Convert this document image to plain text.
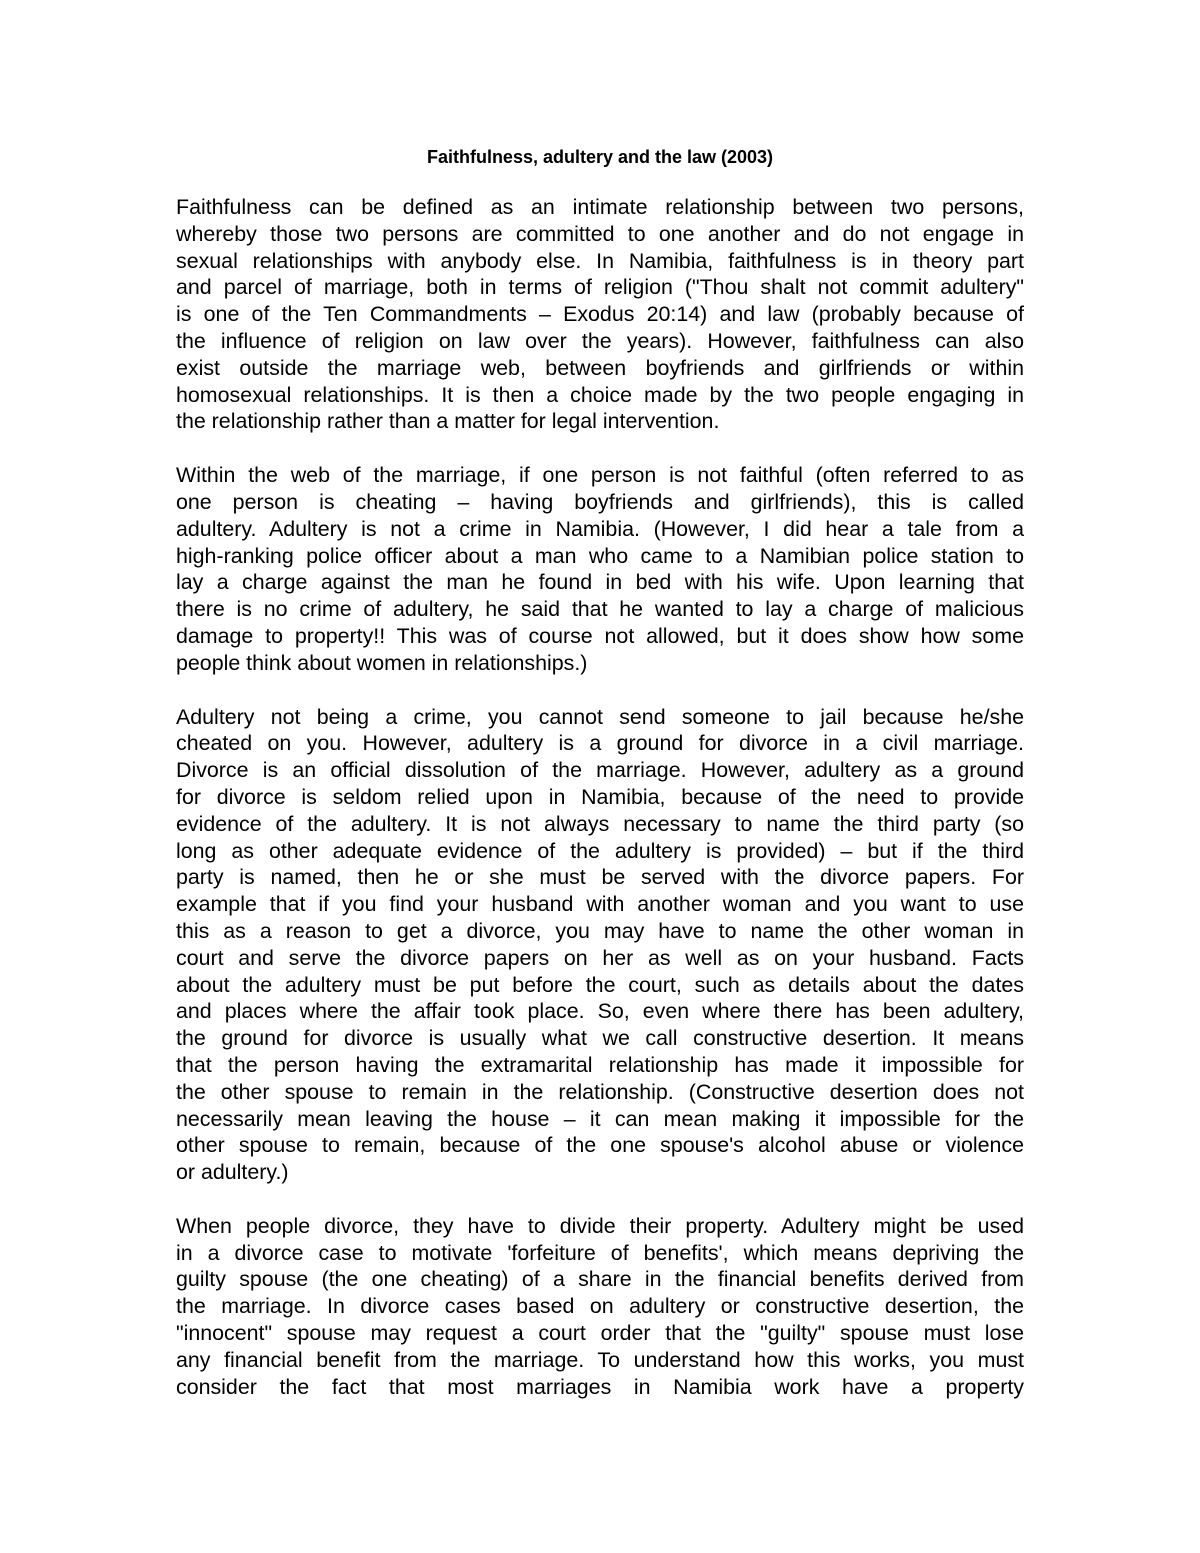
Faithfulness, adultery and the law (2003)

Faithfulness can be defined as an intimate relationship between two persons,
whereby those two persons are committed to one another and do not engage in
sexual relationships with anybody else. In Namibia, faithfulness is in theory part
and parcel of marriage, both in terms of religion ("Thou shalt not commit adultery"
is one of the Ten Commandments – Exodus 20:14) and law (probably because of
the influence of religion on law over the years). However, faithfulness can also
exist outside the marriage web, between boyfriends and girlfriends or within
homosexual relationships. It is then a choice made by the two people engaging in
the relationship rather than a matter for legal intervention.

Within the web of the marriage, if one person is not faithful (often referred to as
one person is cheating – having boyfriends and girlfriends), this is called
adultery. Adultery is not a crime in Namibia. (However, I did hear a tale from a
high-ranking police officer about a man who came to a Namibian police station to
lay a charge against the man he found in bed with his wife. Upon learning that
there is no crime of adultery, he said that he wanted to lay a charge of malicious
damage to property!! This was of course not allowed, but it does show how some
people think about women in relationships.)

Adultery not being a crime, you cannot send someone to jail because he/she
cheated on you. However, adultery is a ground for divorce in a civil marriage.
Divorce is an official dissolution of the marriage. However, adultery as a ground
for divorce is seldom relied upon in Namibia, because of the need to provide
evidence of the adultery. It is not always necessary to name the third party (so
long as other adequate evidence of the adultery is provided) – but if the third
party is named, then he or she must be served with the divorce papers. For
example that if you find your husband with another woman and you want to use
this as a reason to get a divorce, you may have to name the other woman in
court and serve the divorce papers on her as well as on your husband. Facts
about the adultery must be put before the court, such as details about the dates
and places where the affair took place. So, even where there has been adultery,
the ground for divorce is usually what we call constructive desertion. It means
that the person having the extramarital relationship has made it impossible for
the other spouse to remain in the relationship. (Constructive desertion does not
necessarily mean leaving the house – it can mean making it impossible for the
other spouse to remain, because of the one spouse's alcohol abuse or violence
or adultery.)

When people divorce, they have to divide their property. Adultery might be used
in a divorce case to motivate 'forfeiture of benefits', which means depriving the
guilty spouse (the one cheating) of a share in the financial benefits derived from
the marriage. In divorce cases based on adultery or constructive desertion, the
"innocent" spouse may request a court order that the "guilty" spouse must lose
any financial benefit from the marriage. To understand how this works, you must
consider the fact that most marriages in Namibia work have a property
